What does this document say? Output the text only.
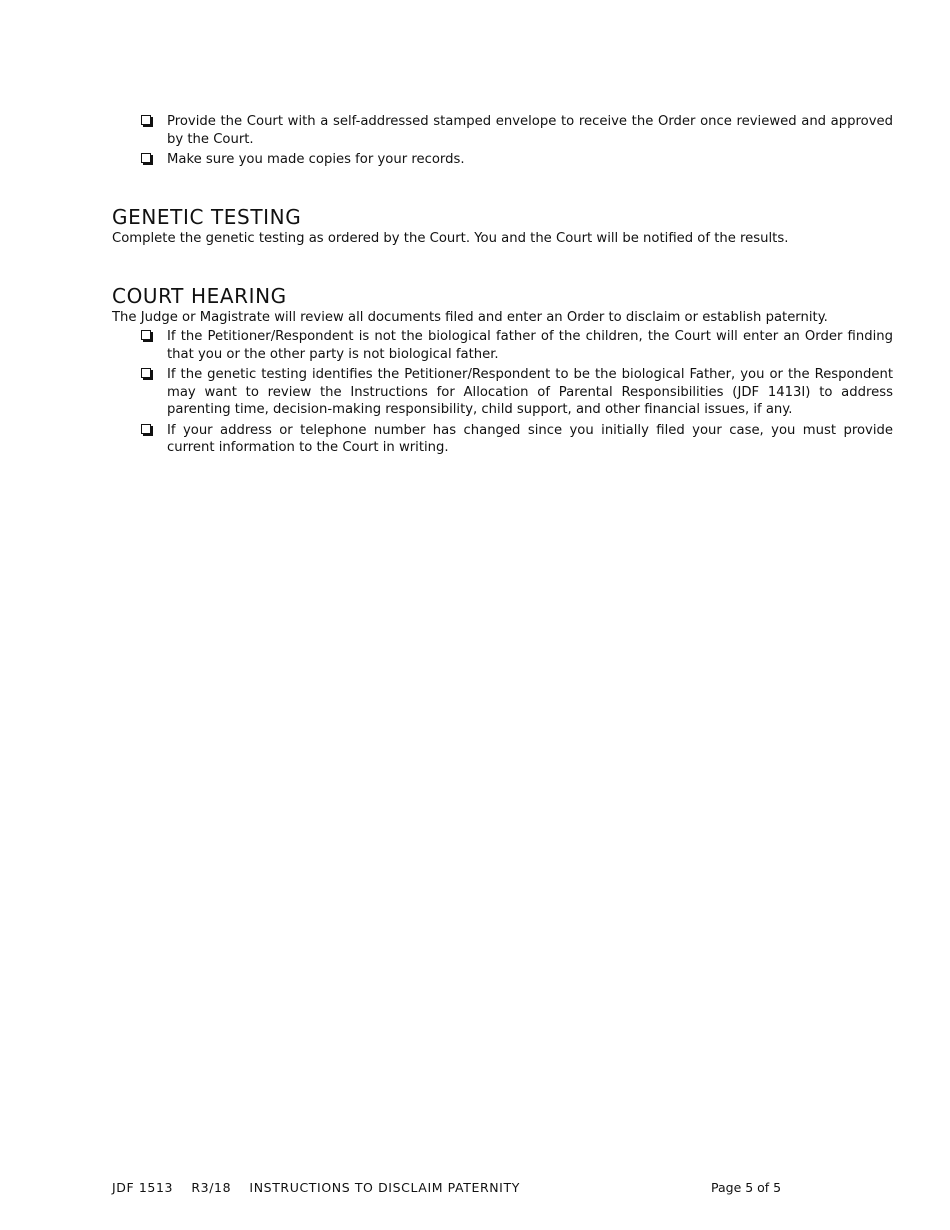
Provide the Court with a self-addressed stamped envelope to receive the Order once reviewed and approved by the Court.
Make sure you made copies for your records.
GENETIC TESTING

Complete the genetic testing as ordered by the Court. You and the Court will be notified of the results.

COURT HEARING

The Judge or Magistrate will review all documents filed and enter an Order to disclaim or establish paternity.

If the Petitioner/Respondent is not the biological father of the children, the Court will enter an Order finding that you or the other party is not biological father.
If the genetic testing identifies the Petitioner/Respondent to be the biological Father, you or the Respondent may want to review the Instructions for Allocation of Parental Responsibilities (JDF 1413I) to address parenting time, decision-making responsibility, child support, and other financial issues, if any.
If your address or telephone number has changed since you initially filed your case, you must provide current information to the Court in writing.
JDF 1513    R3/18    INSTRUCTIONS TO DISCLAIM PATERNITY	Page 5 of 5
